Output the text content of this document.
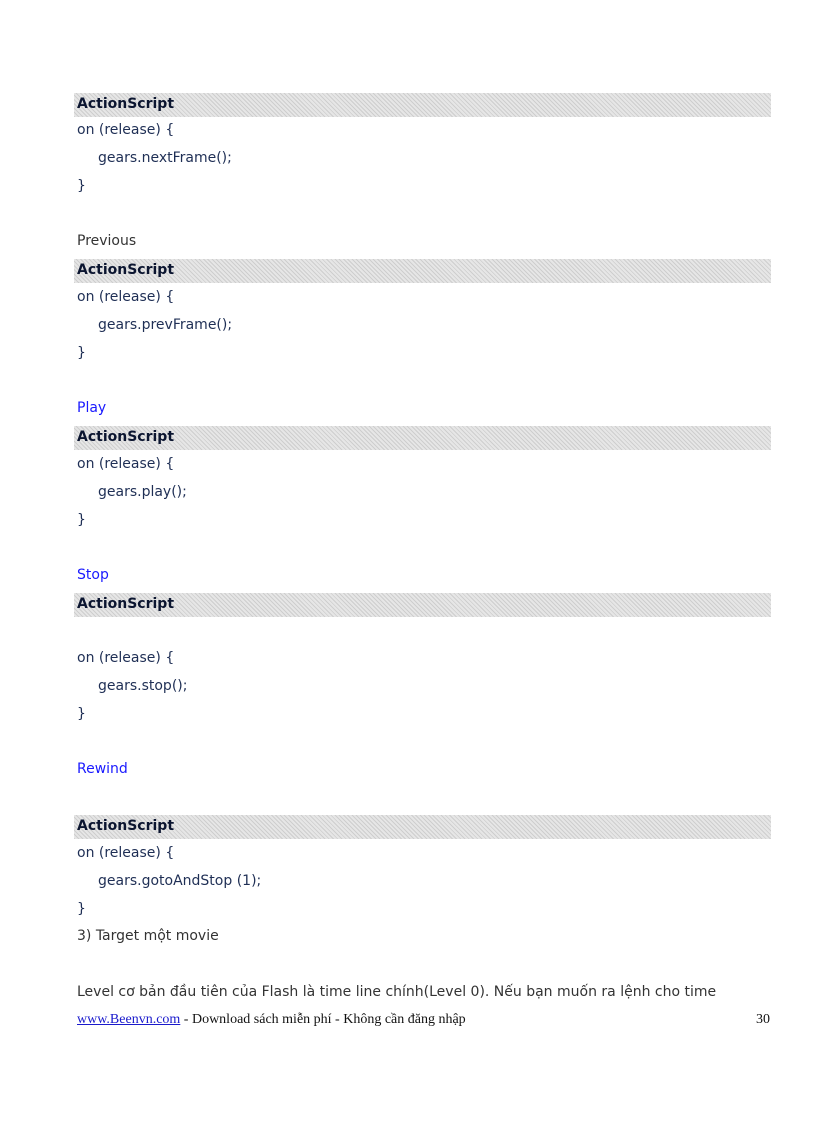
ActionScript
on (release) {
gears.nextFrame();
}
Previous
ActionScript
on (release) {
gears.prevFrame();
}
Play
ActionScript
on (release) {
gears.play();
}
Stop
ActionScript
on (release) {
gears.stop();
}
Rewind
ActionScript
on (release) {
gears.gotoAndStop (1);
}
3) Target một movie
Level cơ bản đầu tiên của Flash là time line chính(Level 0). Nếu bạn muốn ra lệnh cho time
www.Beenvn.com - Download sách miễn phí - Không cần đăng nhập	30
